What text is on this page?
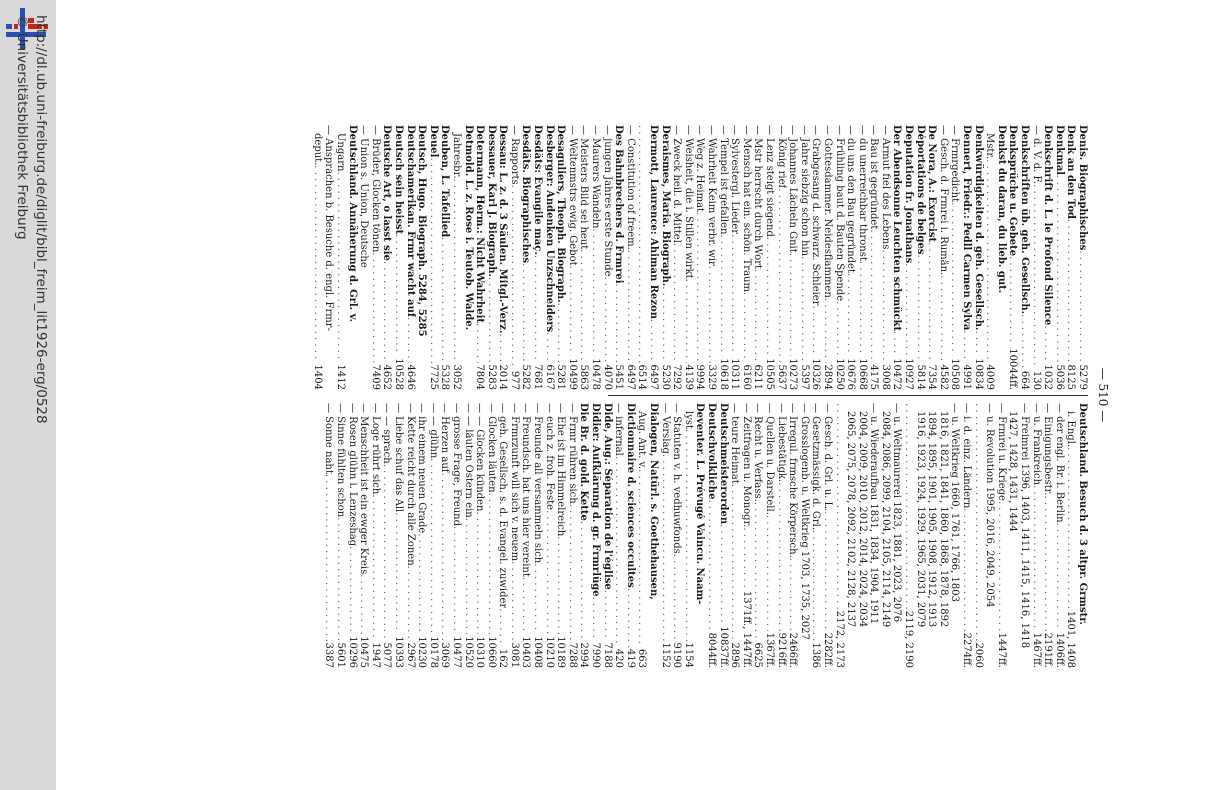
http://dl.ub.uni-freiburg.de/diglit/bibl_freim_lit1926-erg/0528
© Universitätsbibliothek Freiburg
— 510 —
Denis. Biographisches
. . .
5279
Denk an den Tod
. . .
8125
Denkmal
. . .
5036
Denkschrift d. L. le Profond Silence
. . .
1032
— d. V. d. F.
. . .
130
Denkschriften üb. geh. Gesellsch.
. . .
664
Denksprüche u. Gebete
. . .
10044ff.
Denkst du daran, du lieb. gut.
Mstr.
. . .
4009
Denkwürdigkeiten d. geh. Gesellsch.
. . .
10834
Dennert, Friedr.: Pedll Carmen Sylva
. . .
4991
— Frmrgedicht
. . .
10508
— Gesch. d. Frmrei i. Rumän.
. . .
4582
De Nora, A.: Exorcist
. . .
7354
Déportations de belges
. . .
5814
Deputation fr. Jonathans
. . .
10927
Der Abendsonne Leuchten schmückt
. . .
10472
— Armut fiel des Lebens
. . .
3008
— Bau ist gegründet
. . .
4175
— du unerreichbar thronst
. . .
10668
— du uns den Bau gegründet
. . .
10676
— Frühling baut d. Bauten Spende
. . .
10250
— Gottesdammer. Neidesflammen
. . .
2894
— Grabgesang d. schwarz. Schleier
. . .
10326
— Jahre siebzig schon hin
. . .
5397
— Johannes Lächeln Gnit
. . .
10273
— König rief
. . .
5637
— Lenz steigt siegend
. . .
10505
— Mstr herrscht durch Wort
. . .
6211
— Mensch hat ein. schön. Traum
. . .
6160
— Sylvestergl. Lieder
. . .
10311
— Tempel ist gefallen
. . .
10618
— Wahrheit Keim verbr. wir
. . .
3329
— Weg z. Heimat
. . .
9994
— Weisheit, die i. Stillen wirkt
. . .
4139
— Zweck heil. d. Mittel
. . .
7292
Deraismes, Maria. Biograph.
. . .
5230
Dermott, Laurence: Ahiman Rezon
. . .
6497
. . .
6514
— Constitution of freem.
. . .
6497
Des Bahnbrechers d. Frmrei
. . .
5451
— jungen Jahres erste Stunde
. . .
4070
— Maurers Wandeln
. . .
10478
— Meisters Bild sei heut
. . .
5863
— Weltenmstrs ewig. Gebot
. . .
10499
Desaguliers, Theoph. Biograph.
. . .
5281
Desberger: Andenken Unzschneiders
. . .
6167
Desdäts: Evangile maç.
. . .
7681
Desdäts. Biographisches
. . .
5282
— Rapports
. . .
977
Dessau: L. z. d. 3 Säulen. Mitgl.-Verz.
. . .
2014
Dessauer, Karl J. Biograph.
. . .
5283
Determann, Herm.: Nicht Wahrheit
. . .
7804
Detmold. L. z. Rose i. Teutob. Walde.
Jahresbr.
. . .
3052
Deuben, L. Tafellied
. . .
5328
Deuel
. . .
7725
Deutsch, Hugo. Biograph. 5284, 5285
Deutschamerikan. Frmr wacht auf
. . .
4646
Deutsch sein heisst
. . .
10528
Deutsche Art, o lasst sie
. . .
4652
— Brüder, Glocken tönen
. . .
7409
— Union s. Union, Deutsche
Deutschland. Annäherung d. Grl. v.
Ungarn
. . .
1412
— Ansprachen b. Besuche d. engl. Frmr-
deput.
. . .
1404
Deutschland. Besuch d. 3 altpr. Grmstr.
i. Engl.
. . .
1401, 1408
— der engl. Br. i. Berlin
. . .
1406ff.
— Einigungsbestr.
. . .
2191ff.
— u. Frankreich
. . .
1467ff.
— Freimrei 1396, 1403, 1411, 1415, 1416, 1418
1427, 1428, 1431, 1444
— Frmrei u. Kriege
. . .
1447ff.
— u. Revolution 1995, 2016, 2049, 2054
. . .
2060
— i. d. einz. Ländern
. . .
2274ff.
— u. Weltkrieg 1660, 1761, 1766, 1803
1816, 1821, 1841, 1860, 1868, 1878, 1892
1894, 1895, 1901, 1905, 1908, 1912, 1913
1916, 1923, 1924, 1929, 1965, 2031, 2079
. . .
2119, 2190
— u. Weltmaurerei 1823, 1881, 2023, 2076
2084, 2086, 2099, 2104, 2105, 2114, 2149
— u. Wiederaufbau 1831, 1834, 1904, 1911
2004, 2009, 2010, 2012, 2014, 2024, 2034
2065, 2075, 2078, 2092, 2102, 2128, 2137
. . .
2172, 2173
— Gesch. d. Grl. u. L.
. . .
2282ff.
— Gesetzmässigk. d. Grl.
. . .
1386
— Grosslogenb. u. Weltkrieg 1703, 1735, 2027
— Irregul. frmsche Körpersch.
. . .
2466ff.
— Liebestätigk.
. . .
9216ff.
— Quellen u. Darstell.
. . .
1367ff.
— Recht u. Verfass.
. . .
6625
— Zeitfragen u. Monogr.
. . .
1371ff., 1447ff.
— teure Heimat
. . .
2896
Deutschmeisterorden
. . .
10837ff.
Deutschvolkliche
. . .
8044ff.
Deventer. L. Prévugé Vaincu. Naam-
lyst
. . .
1154
— Statuten v. h. vedhuwfonds
. . .
9190
— Verslag
. . .
1152
Dialogen, Natürl. s. Goethehausen,
Aug. Ant. v.
. . .
663
Dictionnaire d. sciences occultes
. . .
419
— infernal
. . .
420
Dide, Aug.: Séparation de l'église
. . .
7188
Didier: Aufklärung d. gr. Frmrlüge
. . .
7990
Die Br. d. gold. Kette
. . .
2994
— Frmr rühren sich
. . .
7288
— Ehe ist im Himmelreich
. . .
10189
— euch z. froh. Feste
. . .
10210
— Freunde all versammeln sich
. . .
10408
— Freundsch. hat uns hier vereint
. . .
10403
— Frmrzunft will sich v. neuem
. . .
3081
— geh. Gesellsch. s. d. Evangel. zuwider
. . .
162
— Glocken läuten
. . .
10660
— — Glocken künden
. . .
10310
— — läuten Ostern ein
. . .
10520
— grosse Frage, Freund
. . .
10477
— Herzen auf
. . .
3069
— — glühn
. . .
10178
— ihr einem neuen Grade
. . .
10230
— Kette reicht durch alle Zonen
. . .
2967
— Liebe schuf das All
. . .
10393
— — sprach
. . .
5077
— Loge rührt sich
. . .
1947
— Menschheit ist ein ewger Kreis
. . .
10475
— Rosen glühn i. Lenzeshag
. . .
10296
— Sinne fühlten schon
. . .
5601
— Sonne naht
. . .
3387
